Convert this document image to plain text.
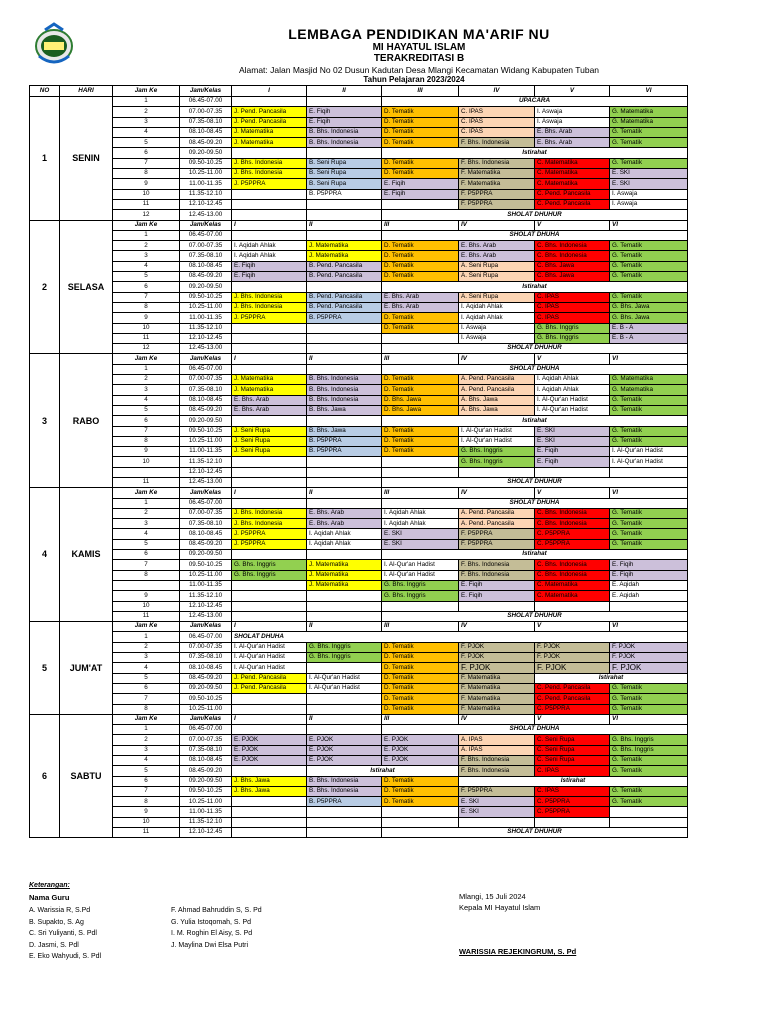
LEMBAGA PENDIDIKAN MA'ARIF NU
MI HAYATUL ISLAM
TERAKREDITASI B
Alamat: Jalan Masjid No 02 Dusun Kadutan Desa Mlangi Kecamatan Widang Kabupaten Tuban
Tahun Pelajaran 2023/2024
NO	HARI	Jam Ke	Jam/Kelas	I	II	III	IV	V	VI
1	SENIN	1	06.45-07.00			UPACARA			
		2	07.00-07.35	J. Pend. Pancasila	E. Fiqih	D. Tematik	C. IPAS	I. Aswaja	G. Matematika
		3	07.35-08.10	J. Pend. Pancasila	E. Fiqih	D. Tematik	C. IPAS	I. Aswaja	G. Matematika
		4	08.10-08.45	J. Matematika	B. Bhs. Indonesia	D. Tematik	C. IPAS	E. Bhs. Arab	G. Tematik
		5	08.45-09.20	J. Matematika	B. Bhs. Indonesia	D. Tematik	F. Bhs. Indonesia	E. Bhs. Arab	G. Tematik
		6	09.20-09.50			Istirahat			
		7	09.50-10.25	J. Bhs. Indonesia	B. Seni Rupa	D. Tematik	F. Bhs. Indonesia	C. Matematika	G. Tematik
		8	10.25-11.00	J. Bhs. Indonesia	B. Seni Rupa	D. Tematik	F. Matematika	C. Matematika	E. SKI
		9	11.00-11.35	J. P5PPRA	B. Seni Rupa	E. Fiqih	F. Matematika	C. Matematika	E. SKI
		10	11.35-12.10		B. P5PPRA	E. Fiqih	F. P5PPRA	C. Pend. Pancasila	I. Aswaja
		11	12.10-12.45				F. P5PPRA	C. Pend. Pancasila	I. Aswaja
		12	12.45-13.00			SHOLAT DHUHUR			
2	SELASA	Jam Ke	Jam/Kelas	I	II	III	IV	V	VI
		1	06.45-07.00			SHOLAT DHUHA			
		2	07.00-07.35	I. Aqidah Ahlak	J. Matematika	D. Tematik	E. Bhs. Arab	C. Bhs. Indonesia	G. Tematik
		3	07.35-08.10	I. Aqidah Ahlak	J. Matematika	D. Tematik	E. Bhs. Arab	C. Bhs. Indonesia	G. Tematik
		4	08.10-08.45	E. Fiqih	B. Pend. Pancasila	D. Tematik	A. Seni Rupa	C. Bhs. Jawa	G. Tematik
		5	08.45-09.20	E. Fiqih	B. Pend. Pancasila	D. Tematik	A. Seni Rupa	C. Bhs. Jawa	G. Tematik
		6	09.20-09.50			Istirahat			
		7	09.50-10.25	J. Bhs. Indonesia	B. Pend. Pancasila	E. Bhs. Arab	A. Seni Rupa	C. IPAS	G. Tematik
		8	10.25-11.00	J. Bhs. Indonesia	B. Pend. Pancasila	E. Bhs. Arab	I. Aqidah Ahlak	C. IPAS	G. Bhs. Jawa
		9	11.00-11.35	J. P5PPRA	B. P5PPRA	D. Tematik	I. Aqidah Ahlak	C. IPAS	G. Bhs. Jawa
		10	11.35-12.10			D. Tematik	I. Aswaja	G. Bhs. Inggris	E. B - A
		11	12.10-12.45				I. Aswaja	G. Bhs. Inggris	E. B - A
		12	12.45-13.00			SHOLAT DHUHUR			
3	RABO	Jam Ke	Jam/Kelas	I	II	III	IV	V	VI
		1	06.45-07.00			SHOLAT DHUHA			
		2	07.00-07.35	J. Matematika	B. Bhs. Indonesia	D. Tematik	A. Pend. Pancasila	I. Aqidah Ahlak	G. Matematika
		3	07.35-08.10	J. Matematika	B. Bhs. Indonesia	D. Tematik	A. Pend. Pancasila	I. Aqidah Ahlak	G. Matematika
		4	08.10-08.45	E. Bhs. Arab	B. Bhs. Indonesia	D. Bhs. Jawa	A. Bhs. Jawa	I. Al-Qur'an Hadist	G. Tematik
		5	08.45-09.20	E. Bhs. Arab	B. Bhs. Jawa	D. Bhs. Jawa	A. Bhs. Jawa	I. Al-Qur'an Hadist	G. Tematik
		6	09.20-09.50			Istirahat			
		7	09.50-10.25	J. Seni Rupa	B. Bhs. Jawa	D. Tematik	I. Al-Qur'an Hadist	E. SKI	G. Tematik
		8	10.25-11.00	J. Seni Rupa	B. P5PPRA	D. Tematik	I. Al-Qur'an Hadist	E. SKI	G. Tematik
		9	11.00-11.35	J. Seni Rupa	B. P5PPRA	D. Tematik	G. Bhs. Inggris	E. Fiqih	I. Al-Qur'an Hadist
		10	11.35-12.10				G. Bhs. Inggris	E. Fiqih	I. Al-Qur'an Hadist
			12.10-12.45						
		11	12.45-13.00			SHOLAT DHUHUR			
4	KAMIS	Jam Ke	Jam/Kelas	I	II	III	IV	V	VI
		1	06.45-07.00			SHOLAT DHUHA			
		2	07.00-07.35	J. Bhs. Indonesia	E. Bhs. Arab	I. Aqidah Ahlak	A. Pend. Pancasila	C. Bhs. Indonesia	G. Tematik
		3	07.35-08.10	J. Bhs. Indonesia	E. Bhs. Arab	I. Aqidah Ahlak	A. Pend. Pancasila	C. Bhs. Indonesia	G. Tematik
		4	08.10-08.45	J. P5PPRA	I. Aqidah Ahlak	E. SKI	F. P5PPRA	C. P5PPRA	G. Tematik
		5	08.45-09.20	J. P5PPRA	I. Aqidah Ahlak	E. SKI	F. P5PPRA	C. P5PPRA	G. Tematik
		6	09.20-09.50			Istirahat			
		7	09.50-10.25	G. Bhs. Inggris	J. Matematika	I. Al-Qur'an Hadist	F. Bhs. Indonesia	C. Bhs. Indonesia	E. Fiqih
		8	10.25-11.00	G. Bhs. Inggris	J. Matematika	I. Al-Qur'an Hadist	F. Bhs. Indonesia	C. Bhs. Indonesia	E. Fiqih
			11.00-11.35		J. Matematika	G. Bhs. Inggris	E. Fiqih	C. Matematika	E. Aqidah
		9	11.35-12.10			G. Bhs. Inggris	E. Fiqih	C. Matematika	E. Aqidah
		10	12.10-12.45						
		11	12.45-13.00			SHOLAT DHUHUR			
5	JUM'AT	Jam Ke	Jam/Kelas	I	II	III	IV	V	VI
		1	06.45-07.00	SHOLAT DHUHA					
		2	07.00-07.35	I. Al-Qur'an Hadist	G. Bhs. Inggris	D. Tematik	F. PJOK	F. PJOK	F. PJOK
		3	07.35-08.10	I. Al-Qur'an Hadist	G. Bhs. Inggris	D. Tematik	F. PJOK	F. PJOK	F. PJOK
		4	08.10-08.45	I. Al-Qur'an Hadist		D. Tematik	F. PJOK	F. PJOK	F. PJOK
		5	08.45-09.20	J. Pend. Pancasila	I. Al-Qur'an Hadist	D. Tematik	F. Matematika	Istirahat	
		6	09.20-09.50	J. Pend. Pancasila	I. Al-Qur'an Hadist	D. Tematik	F. Matematika	C. Pend. Pancasila	G. Tematik
		7	09.50-10.25			D. Tematik	F. Matematika	C. Pend. Pancasila	G. Tematik
		8	10.25-11.00			D. Tematik	F. Matematika	C. P5PPRA	G. Tematik
6	SABTU	Jam Ke	Jam/Kelas	I	II	III	IV	V	VI
		1	06.45-07.00			SHOLAT DHUHA			
		2	07.00-07.35	E. PJOK	E. PJOK	E. PJOK	A. IPAS	C. Seni Rupa	G. Bhs. Inggris
		3	07.35-08.10	E. PJOK	E. PJOK	E. PJOK	A. IPAS	C. Seni Rupa	G. Bhs. Inggris
		4	08.10-08.45	E. PJOK	E. PJOK	E. PJOK	F. Bhs. Indonesia	C. Seni Rupa	G. Tematik
		5	08.45-09.20		Istirahat		F. Bhs. Indonesia	C. IPAS	G. Tematik
		6	09.20-09.50	J. Bhs. Jawa	B. Bhs. Indonesia	D. Tematik	Istirahat		
		7	09.50-10.25	J. Bhs. Jawa	B. Bhs. Indonesia	D. Tematik	F. P5PPRA	C. IPAS	G. Tematik
		8	10.25-11.00		B. P5PPRA	D. Tematik	E. SKI	C. P5PPRA	G. Tematik
		9	11.00-11.35				E. SKI	C. P5PPRA	
		10	11.35-12.10						
		11	12.10-12.45			SHOLAT DHUHUR			
Keterangan:
Nama Guru
A. Warissia R, S.Pd
B. Supakto, S. Ag
C. Sri Yuliyanti, S. Pdl
D. Jasmi, S. Pdl
E. Eko Wahyudi, S. Pdl
F. Ahmad Bahruddin S, S. Pd
G. Yulia Istoqomah, S. Pd
I. M. Roghin El Aisy, S. Pd
J. Maylina Dwi Elsa Putri
Mlangi, 15 Juli 2024
Kepala MI Hayatul Islam
WARISSIA REJEKINGRUM, S. Pd
